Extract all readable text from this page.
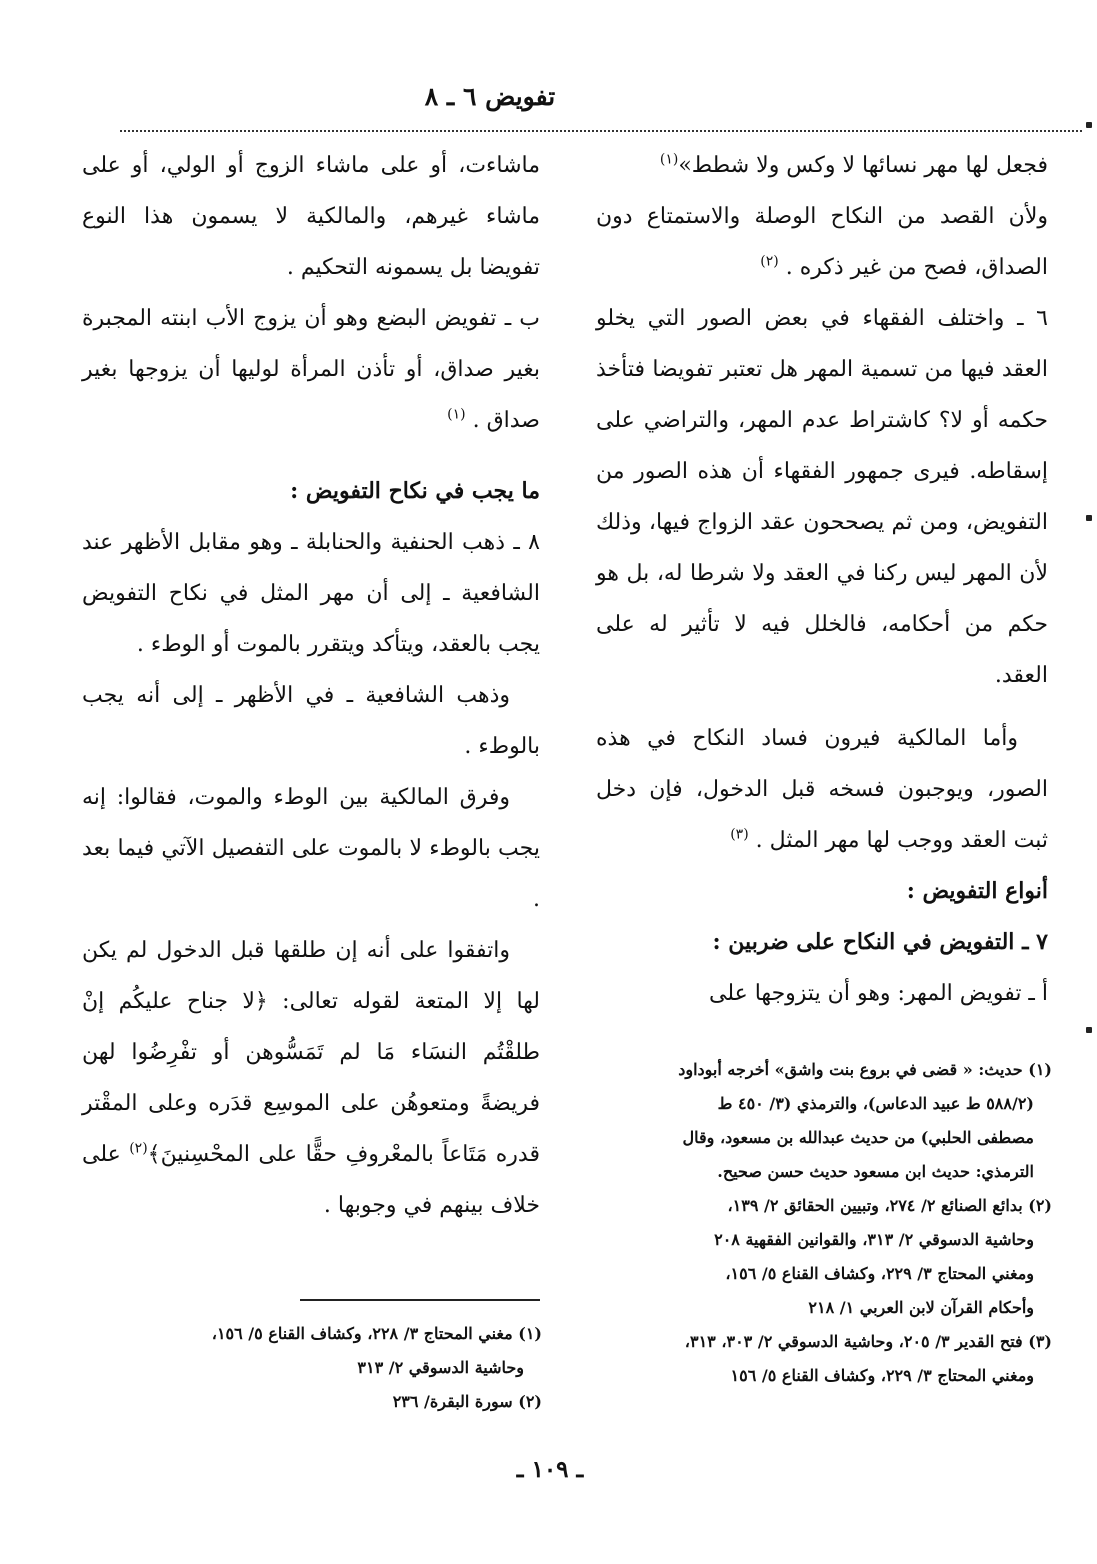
تفويض ٦ ـ ٨

فجعل لها مهر نسائها لا وكس ولا شطط»$^{(١)}$

ولأن القصد من النكاح الوصلة والاستمتاع دون الصداق، فصح من غير ذكره . $^{(٢)}$

٦ ـ واختلف الفقهاء في بعض الصور التي يخلو العقد فيها من تسمية المهر هل تعتبر تفويضا فتأخذ حكمه أو لا؟ كاشتراط عدم المهر، والتراضي على إسقاطه. فيرى جمهور الفقهاء أن هذه الصور من التفويض، ومن ثم يصححون عقد الزواج فيها، وذلك لأن المهر ليس ركنا في العقد ولا شرطا له، بل هو حكم من أحكامه، فالخلل فيه لا تأثير له على العقد.

وأما المالكية فيرون فساد النكاح في هذه الصور، ويوجبون فسخه قبل الدخول، فإن دخل ثبت العقد ووجب لها مهر المثل . $^{(٣)}$

أنواع التفويض :

٧ ـ التفويض في النكاح على ضربين :

أ ـ تفويض المهر: وهو أن يتزوجها على

ماشاءت، أو على ماشاء الزوج أو الولي، أو على ماشاء غيرهم، والمالكية لا يسمون هذا النوع تفويضا بل يسمونه التحكيم .

ب ـ تفويض البضع وهو أن يزوج الأب ابنته المجبرة بغير صداق، أو تأذن المرأة لوليها أن يزوجها بغير صداق . $^{(١)}$

ما يجب في نكاح التفويض :

٨ ـ ذهب الحنفية والحنابلة ـ وهو مقابل الأظهر عند الشافعية ـ إلى أن مهر المثل في نكاح التفويض يجب بالعقد، ويتأكد ويتقرر بالموت أو الوطء .

وذهب الشافعية ـ في الأظهر ـ إلى أنه يجب بالوطء .

وفرق المالكية بين الوطء والموت، فقالوا: إنه يجب بالوطء لا بالموت على التفصيل الآتي فيما بعد .

واتفقوا على أنه إن طلقها قبل الدخول لم يكن لها إلا المتعة لقوله تعالى: ﴿لا جناح عليكُم إنْ طلقْتُم النسَاء مَا لم تَمَسُّوهن أو تفْرِضُوا لهن فريضةً ومتعوهُن على الموسِع قدَره وعلى المقْتر قدره مَتَاعاً بالمعْروفِ حقًّا على المحْسِنينَ﴾$^{(٢)}$ على خلاف بينهم في وجوبها .

(١) حديث: « قضى في بروع بنت واشق» أخرجه أبوداود
(٥٨٨/٢ ط عبيد الدعاس)، والترمذي (٣/ ٤٥٠ ط
مصطفى الحلبي) من حديث عبدالله بن مسعود، وقال
الترمذي: حديث ابن مسعود حديث حسن صحيح.
(٢) بدائع الصنائع ٢/ ٢٧٤، وتبيين الحقائق ٢/ ١٣٩،
وحاشية الدسوقي ٢/ ٣١٣، والقوانين الفقهية ٢٠٨
ومغني المحتاج ٣/ ٢٢٩، وكشاف القناع ٥/ ١٥٦،
وأحكام القرآن لابن العربي ١/ ٢١٨
(٣) فتح القدير ٣/ ٢٠٥، وحاشية الدسوقي ٢/ ٣٠٣، ٣١٣،
ومغني المحتاج ٣/ ٢٢٩، وكشاف القناع ٥/ ١٥٦
(١) مغني المحتاج ٣/ ٢٢٨، وكشاف القناع ٥/ ١٥٦،
وحاشية الدسوقي ٢/ ٣١٣
(٢) سورة البقرة/ ٢٣٦
ـ ١٠٩ ـ
